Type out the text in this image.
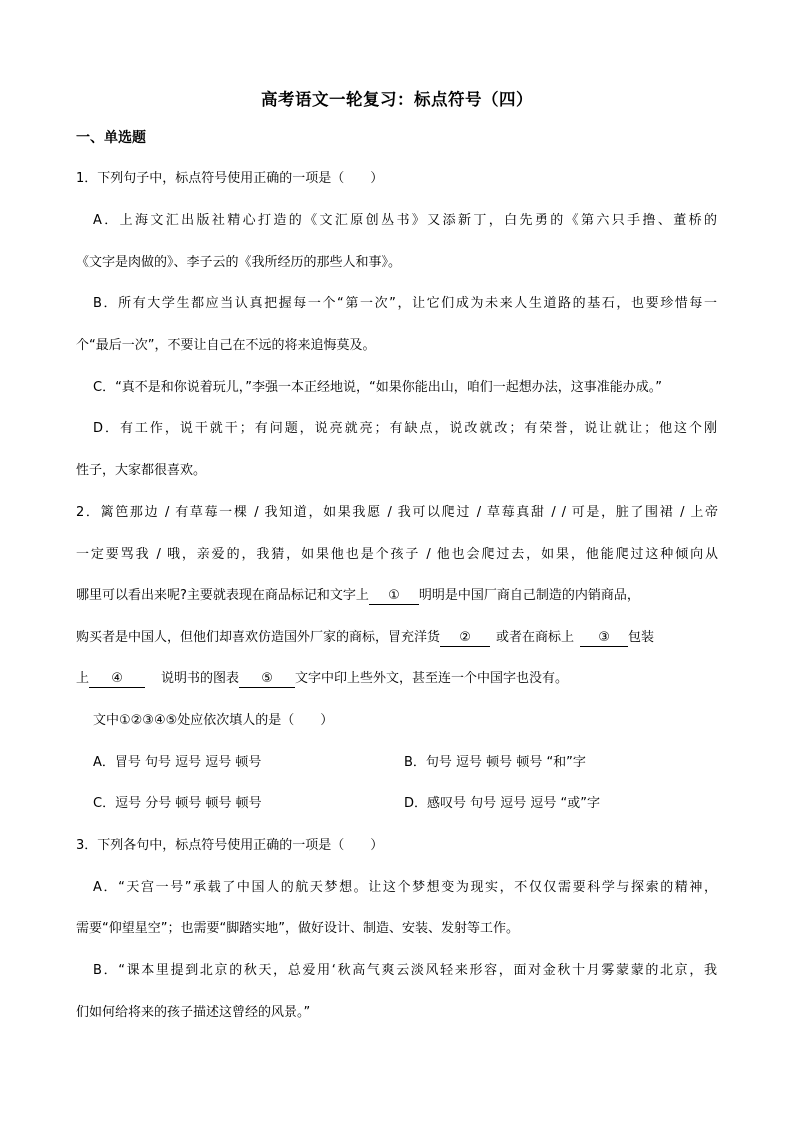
高考语文一轮复习：标点符号（四）
一、单选题
1．下列句子中，标点符号使用正确的一项是（　　）
A．上海文汇出版社精心打造的《文汇原创丛书》又添新丁，白先勇的《第六只手撸、董桥的
《文字是肉做的》、李子云的《我所经历的那些人和事》。
B．所有大学生都应当认真把握每一个“第一次”，让它们成为未来人生道路的基石，也要珍惜每一
个“最后一次”，不要让自己在不远的将来追悔莫及。
C．“真不是和你说着玩儿，”李强一本正经地说，“如果你能出山，咱们一起想办法，这事准能办成。”
D．有工作，说干就干；有问题，说亮就亮；有缺点，说改就改；有荣誉，说让就让；他这个刚
性子，大家都很喜欢。
2．篱笆那边 / 有草莓一棵 / 我知道，如果我愿 / 我可以爬过 / 草莓真甜 / / 可是，脏了围裙 / 上帝
一定要骂我 / 哦，亲爱的，我猜，如果他也是个孩子 / 他也会爬过去，如果，他能爬过这种倾向从
哪里可以看出来呢?主要就表现在商品标记和文字上 ① 明明是中国厂商自己制造的内销商品，
购买者是中国人，但他们却喜欢仿造国外厂家的商标，冒充洋货 ② 或者在商标上 ③ 包装
上 ④	说明书的图表 ⑤ 文字中印上些外文，甚至连一个中国字也没有。
文中①②③④⑤处应依次填人的是（　　）
A．冒号 句号 逗号 逗号 顿号	B．句号 逗号 顿号 顿号 “和”字
C．逗号 分号 顿号 顿号 顿号	D．感叹号 句号 逗号 逗号 “或”字
3．下列各句中，标点符号使用正确的一项是（　　）
A．“天宫一号”承载了中国人的航天梦想。让这个梦想变为现实，不仅仅需要科学与探索的精神，
需要“仰望星空”；也需要“脚踏实地”，做好设计、制造、安装、发射等工作。
B．“课本里提到北京的秋天，总爱用‘秋高气爽云淡风轻来形容，面对金秋十月雾蒙蒙的北京，我
们如何给将来的孩子描述这曾经的风景。”
